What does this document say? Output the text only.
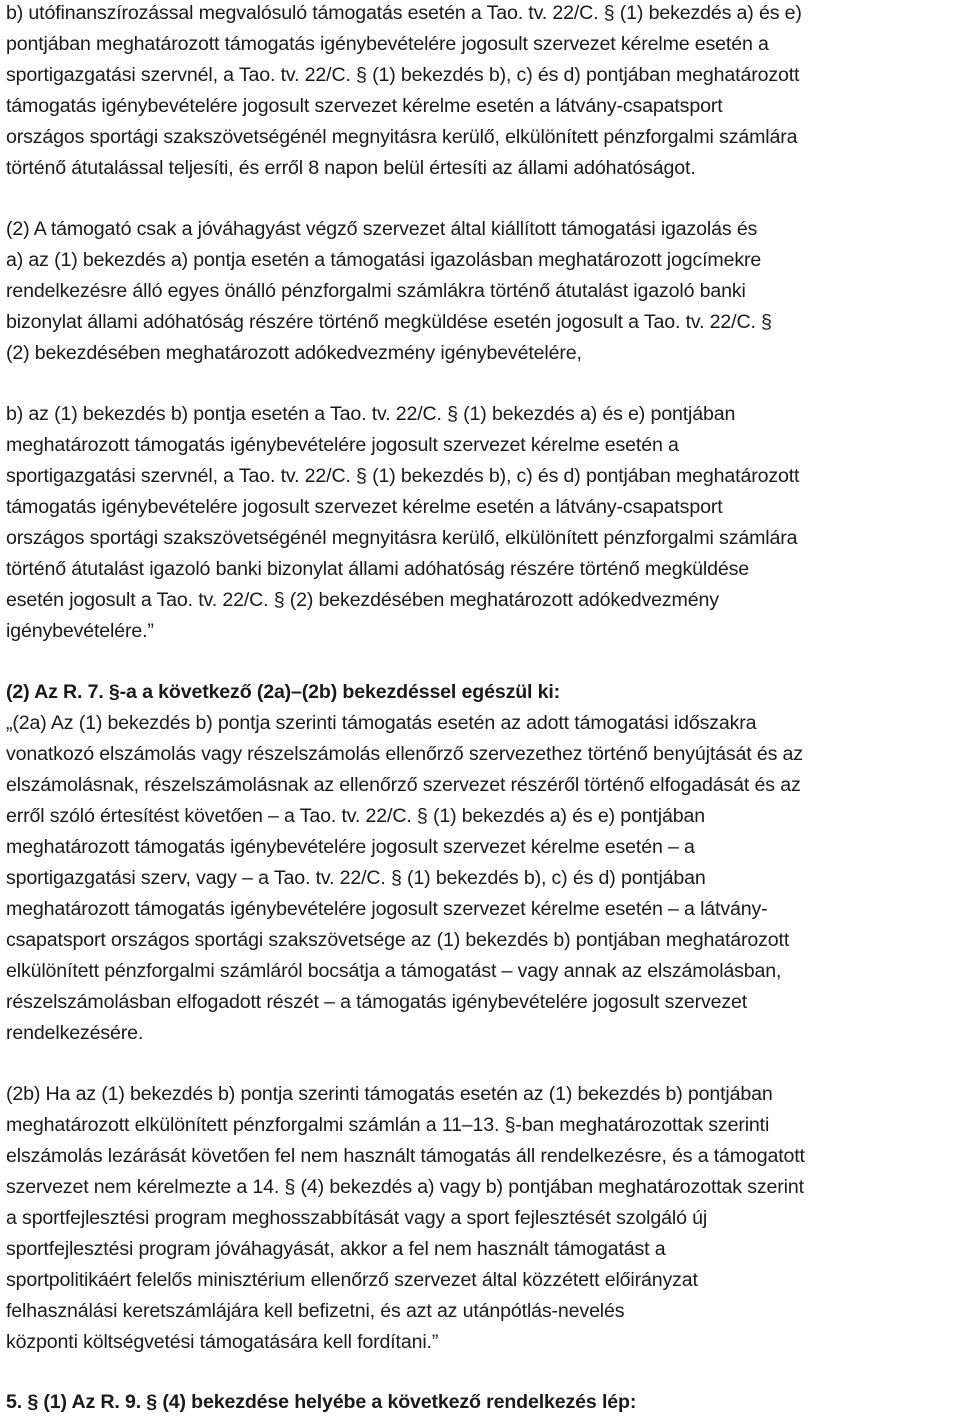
b) utófinanszírozással megvalósuló támogatás esetén a Tao. tv. 22/C. § (1) bekezdés a) és e)
pontjában meghatározott támogatás igénybevételére jogosult szervezet kérelme esetén a
sportigazgatási szervnél, a Tao. tv. 22/C. § (1) bekezdés b), c) és d) pontjában meghatározott
támogatás igénybevételére jogosult szervezet kérelme esetén a látvány-csapatsport
országos sportági szakszövetségénél megnyitásra kerülő, elkülönített pénzforgalmi számlára
történő átutalással teljesíti, és erről 8 napon belül értesíti az állami adóhatóságot.
(2) A támogató csak a jóváhagyást végző szervezet által kiállított támogatási igazolás és
a) az (1) bekezdés a) pontja esetén a támogatási igazolásban meghatározott jogcímekre
rendelkezésre álló egyes önálló pénzforgalmi számlákra történő átutalást igazoló banki
bizonylat állami adóhatóság részére történő megküldése esetén jogosult a Tao. tv. 22/C. §
(2) bekezdésében meghatározott adókedvezmény igénybevételére,
b) az (1) bekezdés b) pontja esetén a Tao. tv. 22/C. § (1) bekezdés a) és e) pontjában
meghatározott támogatás igénybevételére jogosult szervezet kérelme esetén a
sportigazgatási szervnél, a Tao. tv. 22/C. § (1) bekezdés b), c) és d) pontjában meghatározott
támogatás igénybevételére jogosult szervezet kérelme esetén a látvány-csapatsport
országos sportági szakszövetségénél megnyitásra kerülő, elkülönített pénzforgalmi számlára
történő átutalást igazoló banki bizonylat állami adóhatóság részére történő megküldése
esetén jogosult a Tao. tv. 22/C. § (2) bekezdésében meghatározott adókedvezmény
igénybevételére.”
(2) Az R. 7. §-a a következő (2a)–(2b) bekezdéssel egészül ki:
„(2a) Az (1) bekezdés b) pontja szerinti támogatás esetén az adott támogatási időszakra
vonatkozó elszámolás vagy részelszámolás ellenőrző szervezethez történő benyújtását és az
elszámolásnak, részelszámolásnak az ellenőrző szervezet részéről történő elfogadását és az
erről szóló értesítést követően – a Tao. tv. 22/C. § (1) bekezdés a) és e) pontjában
meghatározott támogatás igénybevételére jogosult szervezet kérelme esetén – a
sportigazgatási szerv, vagy – a Tao. tv. 22/C. § (1) bekezdés b), c) és d) pontjában
meghatározott támogatás igénybevételére jogosult szervezet kérelme esetén – a látvány-
csapatsport országos sportági szakszövetsége az (1) bekezdés b) pontjában meghatározott
elkülönített pénzforgalmi számláról bocsátja a támogatást – vagy annak az elszámolásban,
részelszámolásban elfogadott részét – a támogatás igénybevételére jogosult szervezet
rendelkezésére.
(2b) Ha az (1) bekezdés b) pontja szerinti támogatás esetén az (1) bekezdés b) pontjában
meghatározott elkülönített pénzforgalmi számlán a 11–13. §-ban meghatározottak szerinti
elszámolás lezárását követően fel nem használt támogatás áll rendelkezésre, és a támogatott
szervezet nem kérelmezte a 14. § (4) bekezdés a) vagy b) pontjában meghatározottak szerint
a sportfejlesztési program meghosszabbítását vagy a sport fejlesztését szolgáló új
sportfejlesztési program jóváhagyását, akkor a fel nem használt támogatást a
sportpolitikáért felelős minisztérium ellenőrző szervezet által közzétett előirányzat
felhasználási keretszámlájára kell befizetni, és azt az utánpótlás-nevelés
központi költségvetési támogatására kell fordítani.”
5. § (1) Az R. 9. § (4) bekezdése helyébe a következő rendelkezés lép:
